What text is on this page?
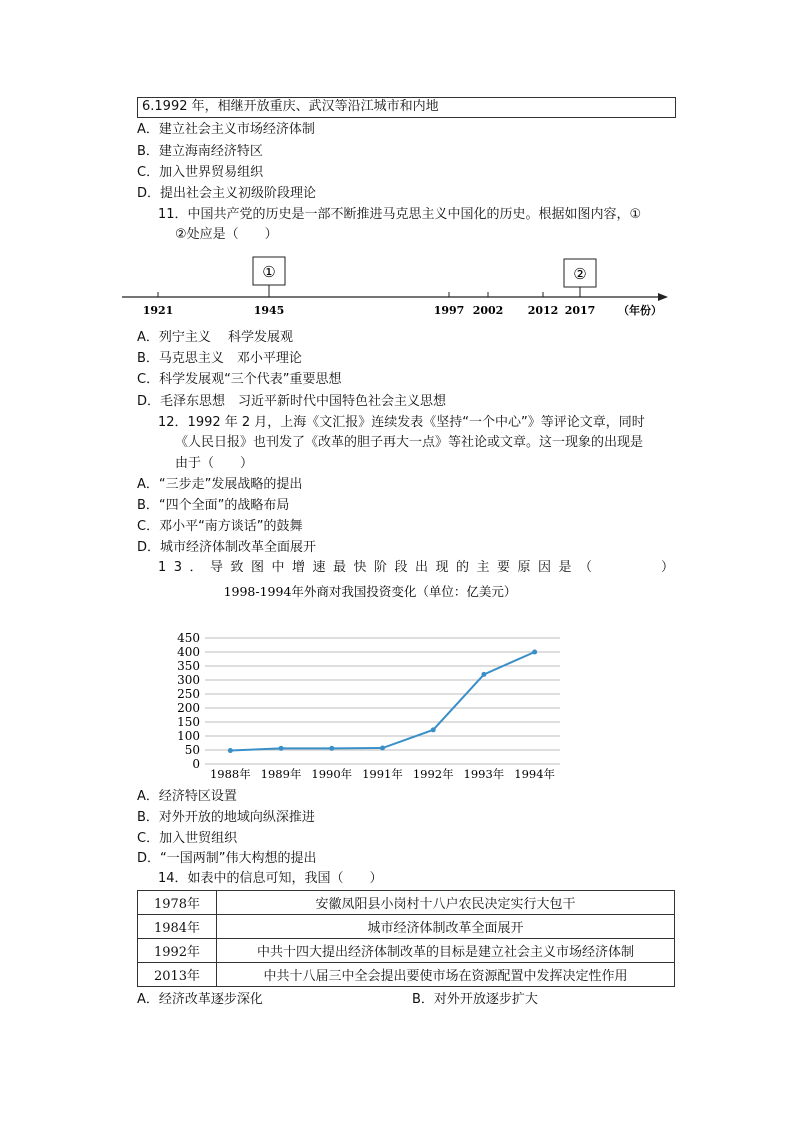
6.1992 年，相继开放重庆、武汉等沿江城市和内地
A．建立社会主义市场经济体制
B．建立海南经济特区
C．加入世界贸易组织
D．提出社会主义初级阶段理论
11．中国共产党的历史是一部不断推进马克思主义中国化的历史。根据如图内容，①
②处应是（　　）
①	②
1921	1945	1997 2002 2012 2017 （年份）
A．列宁主义　 科学发展观
B．马克思主义　邓小平理论
C．科学发展观“三个代表”重要思想
D．毛泽东思想　习近平新时代中国特色社会主义思想
12．1992 年 2 月，上海《文汇报》连续发表《坚持“一个中心”》等评论文章，同时
《人民日报》也刊发了《改革的胆子再大一点》等社论或文章。这一现象的出现是
由于（　　）
A．“三步走”发展战略的提出
B．“四个全面”的战略布局
C．邓小平“南方谈话”的鼓舞
D．城市经济体制改革全面展开
13．导致图中增速最快阶段出现的主要原因是（　　　）
1998-1994年外商对我国投资变化（单位：亿美元）
0
50
100
150
200
250
300
350
400
450
1988年 1989年 1990年 1991年 1992年 1993年 1994年
A．经济特区设置
B．对外开放的地域向纵深推进
C．加入世贸组织
D．“一国两制”伟大构想的提出
14．如表中的信息可知，我国（　　）
1978年	安徽凤阳县小岗村十八户农民决定实行大包干
1984年	城市经济体制改革全面展开
1992年	中共十四大提出经济体制改革的目标是建立社会主义市场经济体制
2013年	中共十八届三中全会提出要使市场在资源配置中发挥决定性作用
A．经济改革逐步深化	B．对外开放逐步扩大
